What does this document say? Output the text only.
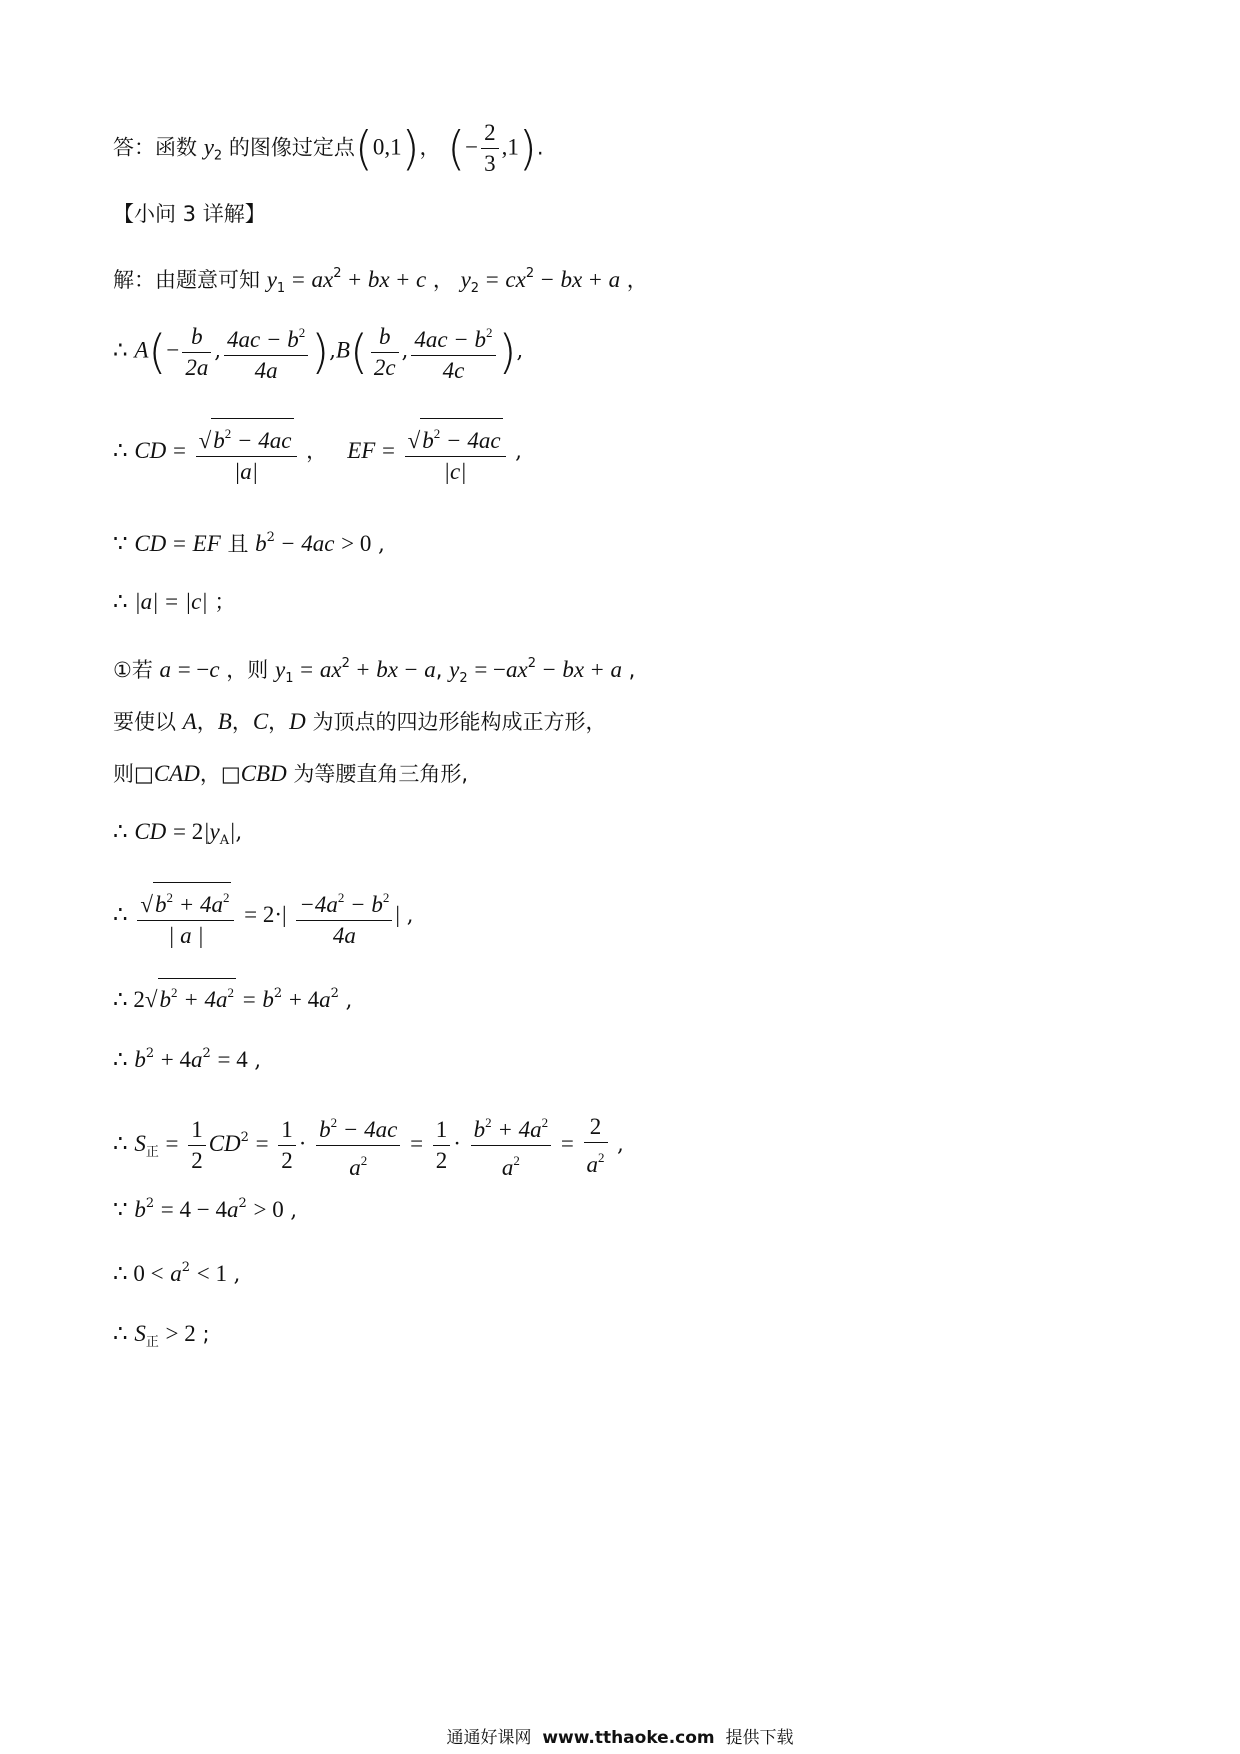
答：函数 $y_2$ 的图像过定点(0,1)， (− $\frac{2}{3} ,1$).
【小问 3 详解】
解：由题意可知 $y_1 = ax^2$ + bx + c ， $y_2 = cx^2$ − bx + a ，
∴ $A(- \frac{b}{2a}$ , $\frac{4ac - b^2}{4a} ),B( \frac{b}{2c}$ , $\frac{4ac - b^2}{4c}$ ),
∴ CD = $\frac{√b^2 - 4ac}{|a|}$ ，   EF = $\frac{√b^2 - 4ac}{|c|}$ ,
∵ CD = EF 且 $b^2 - 4ac > 0$ ,
∴ |a| = |c| ；
①若 a = −c ，则 $y_1 = ax^2$ + bx − a, $y_2 = -ax^2$ − bx + a ,
要使以 A，B，C，D 为顶点的四边形能构成正方形，
则□CAD，□CBD 为等腰直角三角形,
∴ CD = $2|y_A|$,
∴ $\frac{√b^2 + 4a^2}{| a |} = 2\cdot| \frac{-4a^2 - b^2}{4a}$ | ,
∴ $2√b^2 + 4a^2 = b^2 + 4a^2$ ,
∴ $b^2 + 4a^2 = 4$ ,
∴ $S_正 = \frac{1}{2} CD^2 = \frac{1}{2} \cdot \frac{b^2 - 4ac}{a^2} = \frac{1}{2} \cdot \frac{b^2 + 4a^2}{a^2} = \frac{2}{a^2}$ ,
∵ $b^2 = 4 - 4a^2 > 0$ ,
∴ $0 < a^2 < 1$ ,
∴ $S_正 > 2$ ;
通通好课网 www.tthaoke.com 提供下载
